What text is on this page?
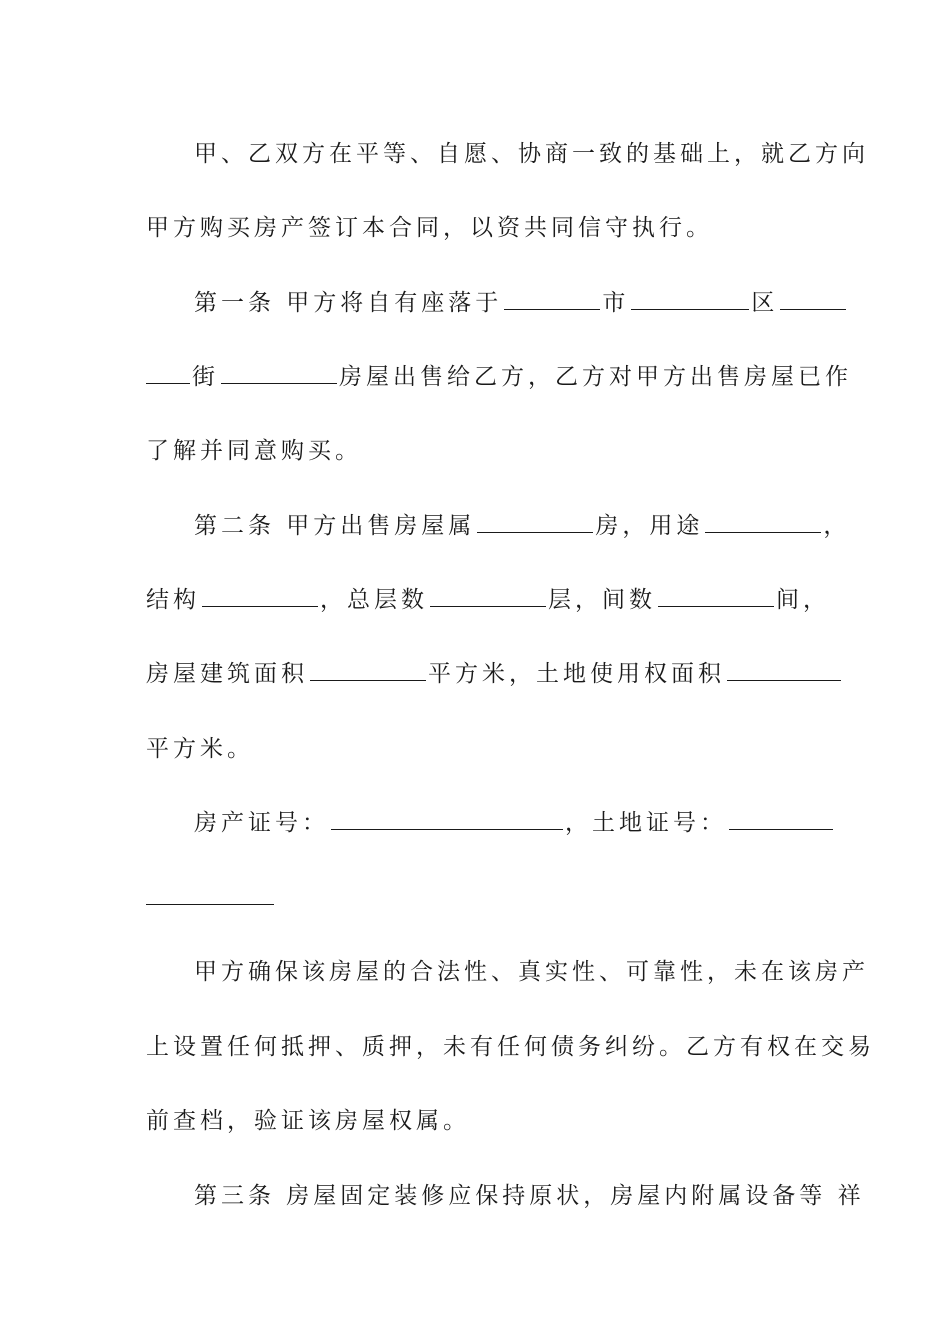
甲、乙双方在平等、自愿、协商一致的基础上，就乙方向
甲方购买房产签订本合同，以资共同信守执行。
第一条 甲方将自有座落于	市	区
街	房屋出售给乙方，乙方对甲方出售房屋已作
了解并同意购买。
第二条 甲方出售房屋属	房，用途	，
结构	，总层数	层，间数	间，
房屋建筑面积	平方米，土地使用权面积
平方米。
房产证号：	，土地证号：
甲方确保该房屋的合法性、真实性、可靠性，未在该房产
上设置任何抵押、质押，未有任何债务纠纷。乙方有权在交易
前查档，验证该房屋权属。
第三条 房屋固定装修应保持原状，房屋内附属设备等 祥
